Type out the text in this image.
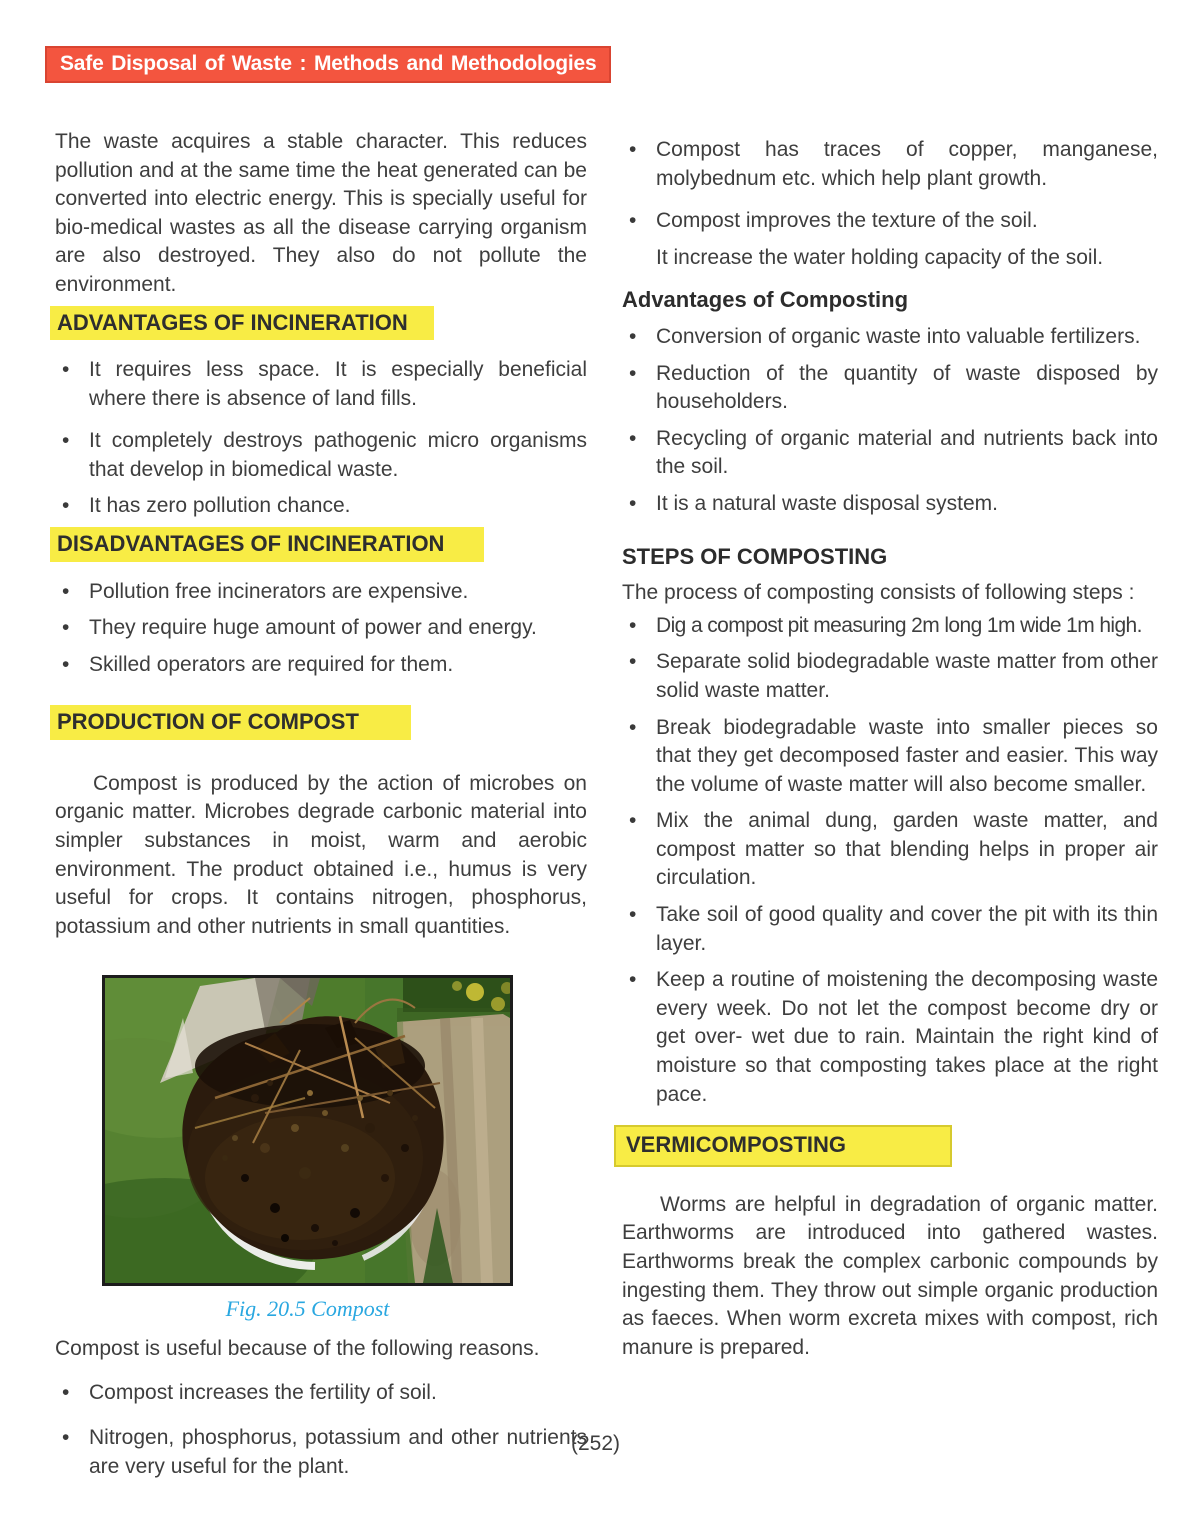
Safe Disposal of Waste : Methods and Methodologies

The waste acquires a stable character. This reduces pollution and at the same time the heat generated can be converted into electric energy. This is specially useful for bio-medical wastes as all the disease carrying organism are also destroyed. They also do not pollute the environment.

ADVANTAGES OF INCINERATION
•
It requires less space. It is especially beneficial where there is absence of land fills.
•
It completely destroys pathogenic micro organisms that develop in biomedical waste.
•
It has zero pollution chance.
DISADVANTAGES OF INCINERATION
•
Pollution free incinerators are expensive.
•
They require huge amount of power and energy.
•
Skilled operators are required for them.
PRODUCTION OF COMPOST

Compost is produced by the action of microbes on organic matter. Microbes degrade carbonic material into simpler substances in moist, warm and aerobic environment. The product obtained i.e., humus is very useful for crops. It contains nitrogen, phosphorus, potassium and other nutrients in small quantities.

Fig. 20.5 Compost

Compost is useful because of the following reasons.

•
Compost increases the fertility of soil.
•
Nitrogen, phosphorus, potassium and other nutrients are very useful for the plant.
•
Compost has traces of copper, manganese, molybednum etc. which help plant growth.
•
Compost improves the texture of the soil.

It increase the water holding capacity of the soil.

Advantages of Composting
•
Conversion of organic waste into valuable fertilizers.
•
Reduction of the quantity of waste disposed by householders.
•
Recycling of organic material and nutrients back into the soil.
•
It is a natural waste disposal system.
STEPS OF COMPOSTING

The process of composting consists of following steps :

•
Dig a compost pit measuring 2m long 1m wide 1m high.
•
Separate solid biodegradable waste matter from other solid waste matter.
•
Break biodegradable waste into smaller pieces so that they get decomposed faster and easier. This way the volume of waste matter will also become smaller.
•
Mix the animal dung, garden waste matter, and compost matter so that blending helps in proper air circulation.
•
Take soil of good quality and cover the pit with its thin layer.
•
Keep a routine of moistening the decomposing waste every week. Do not let the compost become dry or get over- wet due to rain. Maintain the right kind of moisture so that composting takes place at the right pace.
VERMICOMPOSTING

Worms are helpful in degradation of organic matter. Earthworms are introduced into gathered wastes. Earthworms break the complex carbonic compounds by ingesting them. They throw out simple organic production as faeces. When worm excreta mixes with compost, rich manure is prepared.

(252)
